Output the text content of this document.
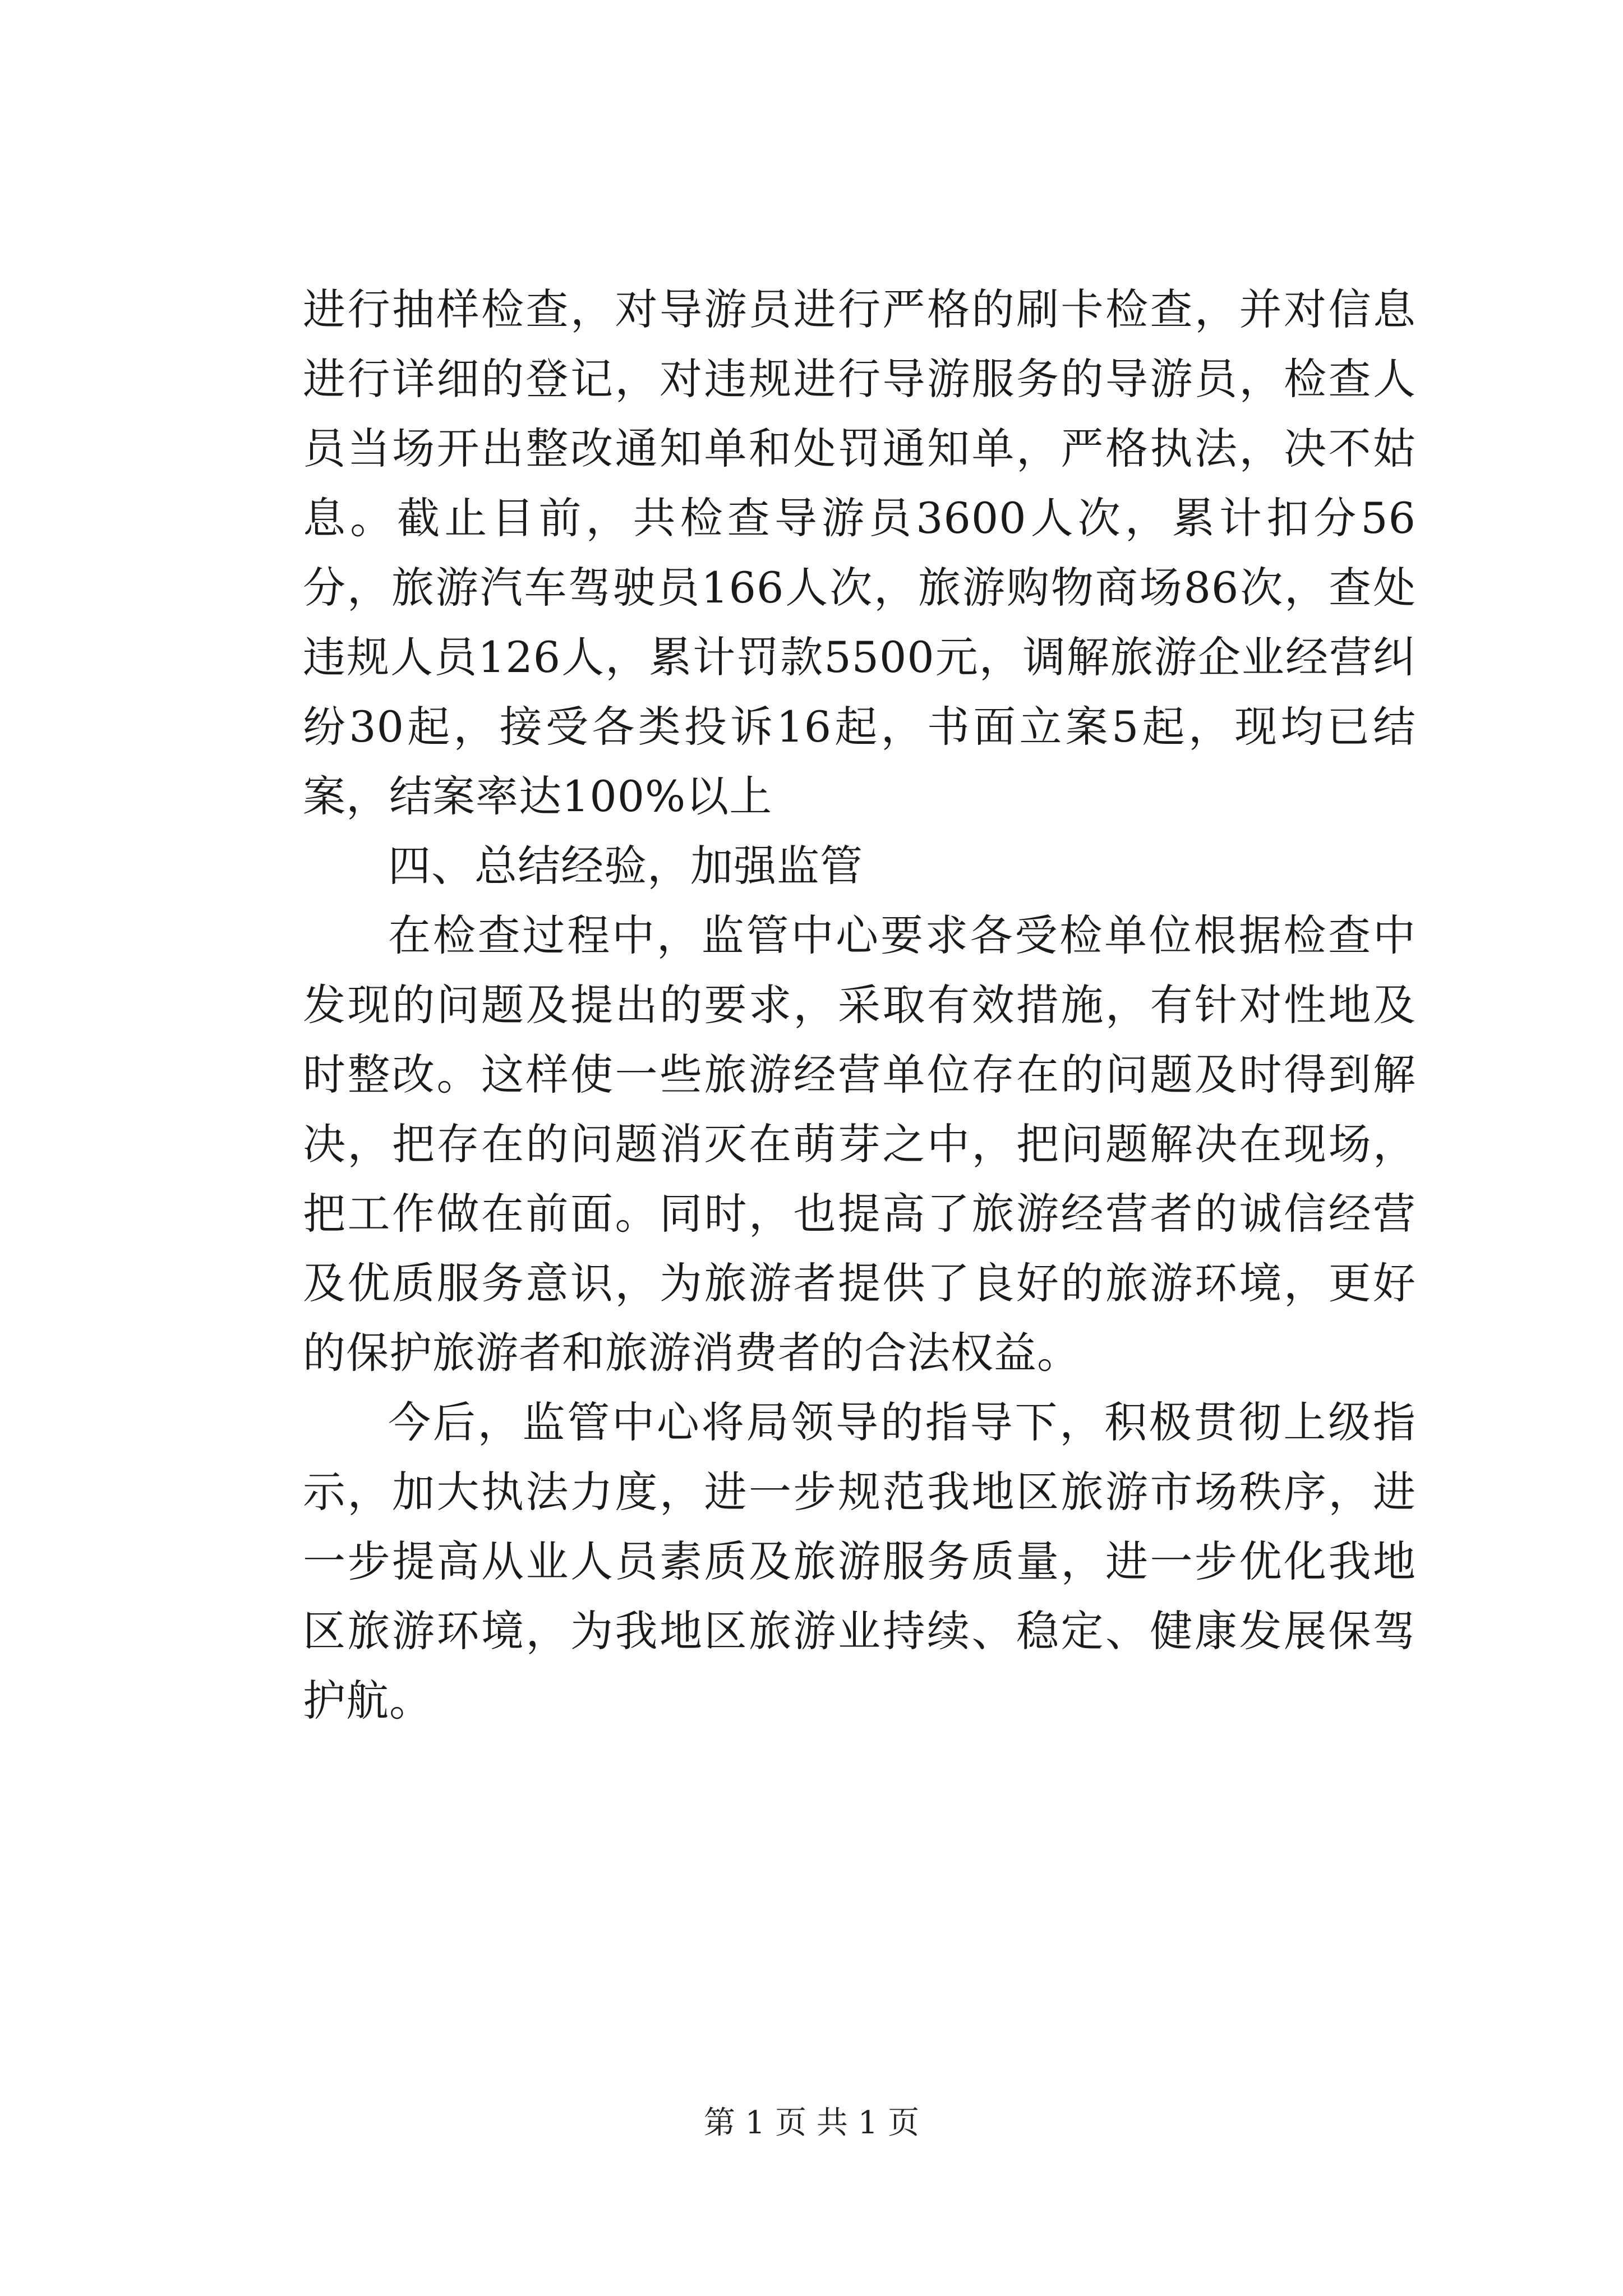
进行抽样检查，对导游员进行严格的刷卡检查，并对信息进行详细的登记，对违规进行导游服务的导游员，检查人员当场开出整改通知单和处罚通知单，严格执法，决不姑息。截止目前，共检查导游员3600人次，累计扣分56分，旅游汽车驾驶员166人次，旅游购物商场86次，查处违规人员126人，累计罚款5500元，调解旅游企业经营纠纷30起，接受各类投诉16起，书面立案5起，现均已结案，结案率达100%以上

四、总结经验，加强监管

在检查过程中，监管中心要求各受检单位根据检查中发现的问题及提出的要求，采取有效措施，有针对性地及时整改。这样使一些旅游经营单位存在的问题及时得到解决，把存在的问题消灭在萌芽之中，把问题解决在现场，把工作做在前面。同时，也提高了旅游经营者的诚信经营及优质服务意识，为旅游者提供了良好的旅游环境，更好的保护旅游者和旅游消费者的合法权益。

今后，监管中心将局领导的指导下，积极贯彻上级指示，加大执法力度，进一步规范我地区旅游市场秩序，进一步提高从业人员素质及旅游服务质量，进一步优化我地区旅游环境，为我地区旅游业持续、稳定、健康发展保驾护航。

第 1 页 共 1 页
